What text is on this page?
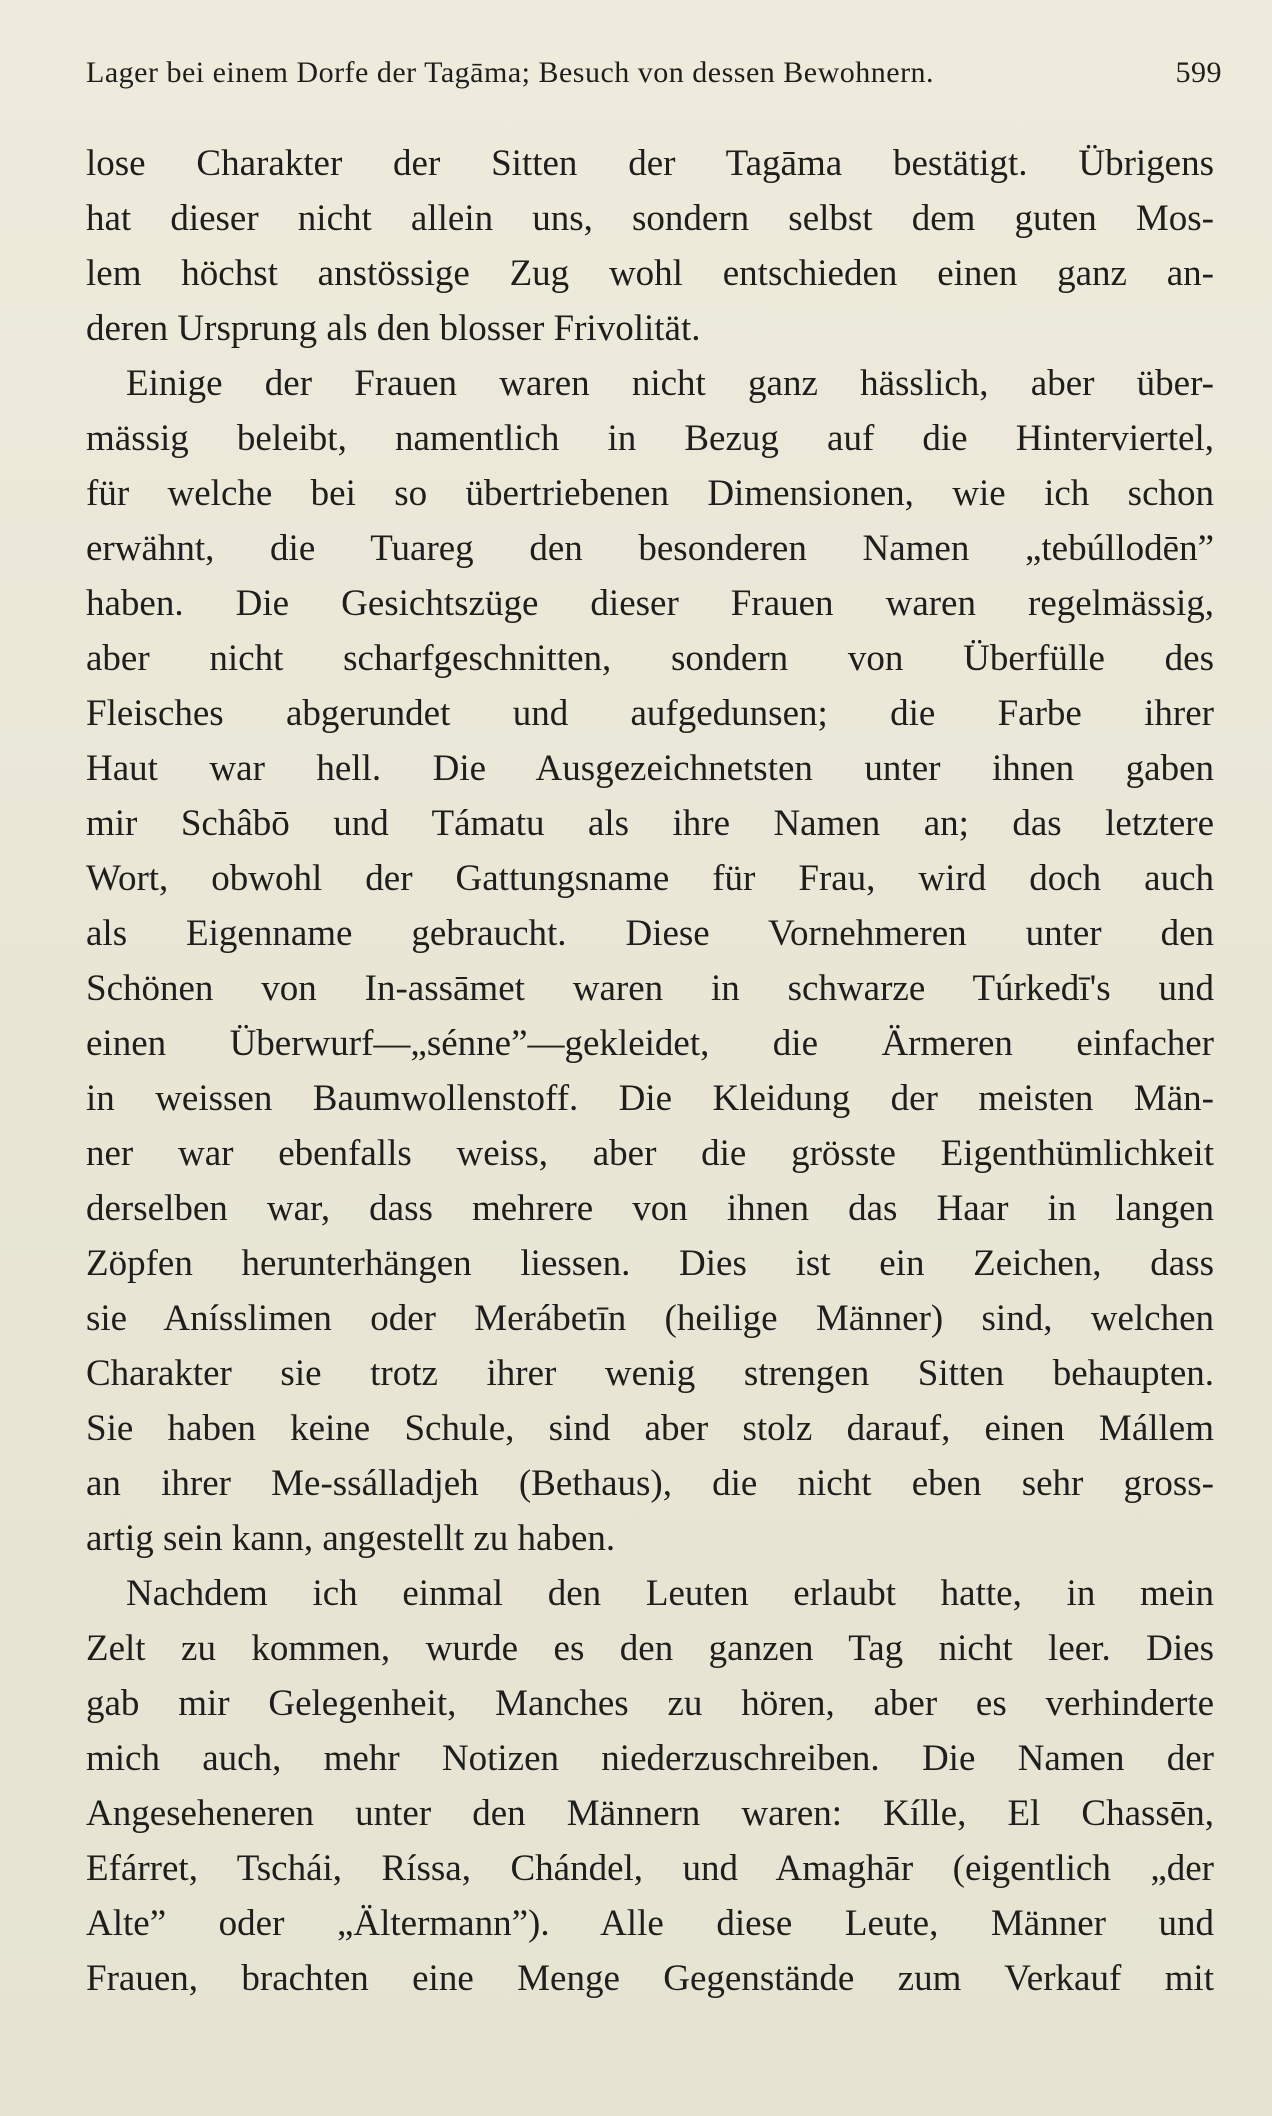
Lager bei einem Dorfe der Tagāma; Besuch von dessen Bewohnern.	599
lose Charakter der Sitten der Tagāma bestätigt. Übrigens
hat dieser nicht allein uns, sondern selbst dem guten Mos-
lem höchst anstössige Zug wohl entschieden einen ganz an-
deren Ursprung als den blosser Frivolität.
Einige der Frauen waren nicht ganz hässlich, aber über-
mässig beleibt, namentlich in Bezug auf die Hinterviertel,
für welche bei so übertriebenen Dimensionen, wie ich schon
erwähnt, die Tuareg den besonderen Namen „tebúllodēn”
haben. Die Gesichtszüge dieser Frauen waren regelmässig,
aber nicht scharfgeschnitten, sondern von Überfülle des
Fleisches abgerundet und aufgedunsen; die Farbe ihrer
Haut war hell. Die Ausgezeichnetsten unter ihnen gaben
mir Schâbō und Támatu als ihre Namen an; das letztere
Wort, obwohl der Gattungsname für Frau, wird doch auch
als Eigenname gebraucht. Diese Vornehmeren unter den
Schönen von In-assāmet waren in schwarze Túrkedī's und
einen Überwurf—„sénne”—gekleidet, die Ärmeren einfacher
in weissen Baumwollenstoff. Die Kleidung der meisten Män-
ner war ebenfalls weiss, aber die grösste Eigenthümlichkeit
derselben war, dass mehrere von ihnen das Haar in langen
Zöpfen herunterhängen liessen. Dies ist ein Zeichen, dass
sie Anísslimen oder Merábetīn (heilige Männer) sind, welchen
Charakter sie trotz ihrer wenig strengen Sitten behaupten.
Sie haben keine Schule, sind aber stolz darauf, einen Mállem
an ihrer Me-ssálladjeh (Bethaus), die nicht eben sehr gross-
artig sein kann, angestellt zu haben.
Nachdem ich einmal den Leuten erlaubt hatte, in mein
Zelt zu kommen, wurde es den ganzen Tag nicht leer. Dies
gab mir Gelegenheit, Manches zu hören, aber es verhinderte
mich auch, mehr Notizen niederzuschreiben. Die Namen der
Angeseheneren unter den Männern waren: Kílle, El Chassēn,
Efárret, Tschái, Ríssa, Chándel, und Amaghār (eigentlich „der
Alte” oder „Ältermann”). Alle diese Leute, Männer und
Frauen, brachten eine Menge Gegenstände zum Verkauf mit
